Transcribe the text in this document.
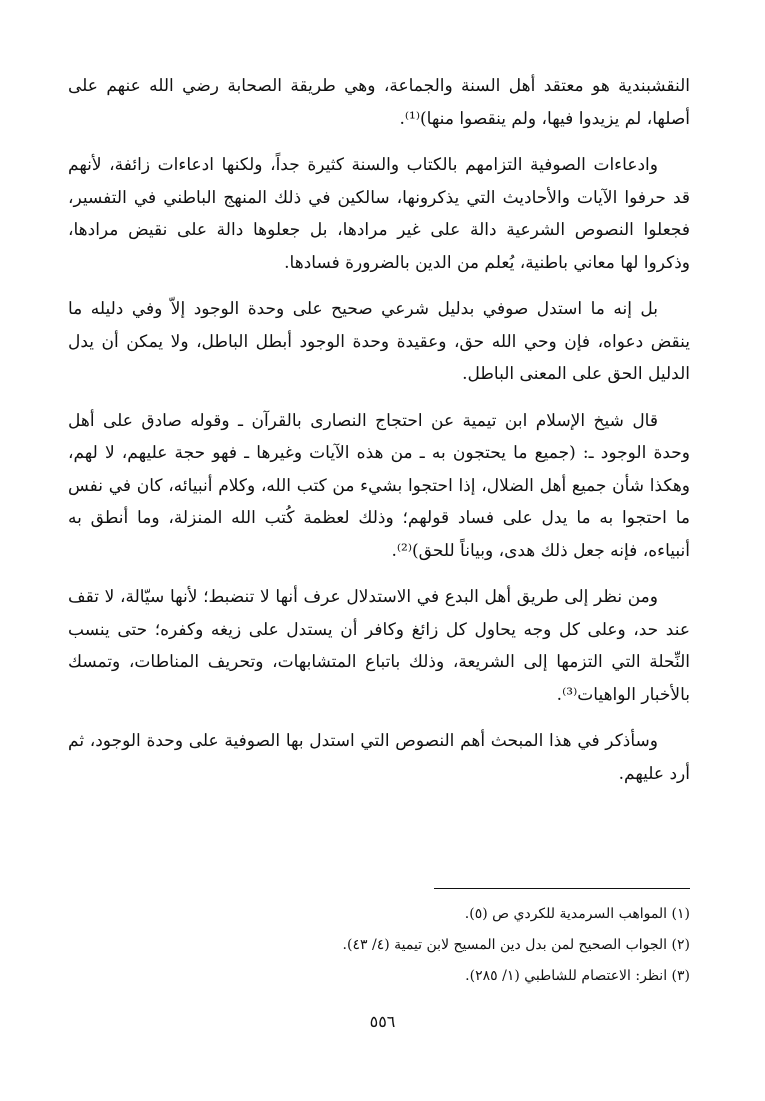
النقشبندية هو معتقد أهل السنة والجماعة، وهي طريقة الصحابة رضي الله عنهم على أصلها، لم يزيدوا فيها، ولم ينقصوا منها)⁽¹⁾.

وادعاءات الصوفية التزامهم بالكتاب والسنة كثيرة جداً، ولكنها ادعاءات زائفة، لأنهم قد حرفوا الآيات والأحاديث التي يذكرونها، سالكين في ذلك المنهج الباطني في التفسير، فجعلوا النصوص الشرعية دالة على غير مرادها، بل جعلوها دالة على نقيض مرادها، وذكروا لها معاني باطنية، يُعلم من الدين بالضرورة فسادها.

بل إنه ما استدل صوفي بدليل شرعي صحيح على وحدة الوجود إلاّ وفي دليله ما ينقض دعواه، فإن وحي الله حق، وعقيدة وحدة الوجود أبطل الباطل، ولا يمكن أن يدل الدليل الحق على المعنى الباطل.

قال شيخ الإسلام ابن تيمية عن احتجاج النصارى بالقرآن ـ وقوله صادق على أهل وحدة الوجود ـ: (جميع ما يحتجون به ـ من هذه الآيات وغيرها ـ فهو حجة عليهم، لا لهم، وهكذا شأن جميع أهل الضلال، إذا احتجوا بشيء من كتب الله، وكلام أنبيائه، كان في نفس ما احتجوا به ما يدل على فساد قولهم؛ وذلك لعظمة كُتب الله المنزلة، وما أنطق به أنبياءه، فإنه جعل ذلك هدى، وبياناً للحق)⁽²⁾.

ومن نظر إلى طريق أهل البدع في الاستدلال عرف أنها لا تنضبط؛ لأنها سيّالة، لا تقف عند حد، وعلى كل وجه يحاول كل زائغ وكافر أن يستدل على زيغه وكفره؛ حتى ينسب النِّحلة التي التزمها إلى الشريعة، وذلك باتباع المتشابهات، وتحريف المناطات، وتمسك بالأخبار الواهيات⁽³⁾.

وسأذكر في هذا المبحث أهم النصوص التي استدل بها الصوفية على وحدة الوجود، ثم أرد عليهم.

(١) المواهب السرمدية للكردي ص (٥).

(٢) الجواب الصحيح لمن بدل دين المسيح لابن تيمية (٤/ ٤٣).

(٣) انظر: الاعتصام للشاطبي (١/ ٢٨٥).

٥٥٦
